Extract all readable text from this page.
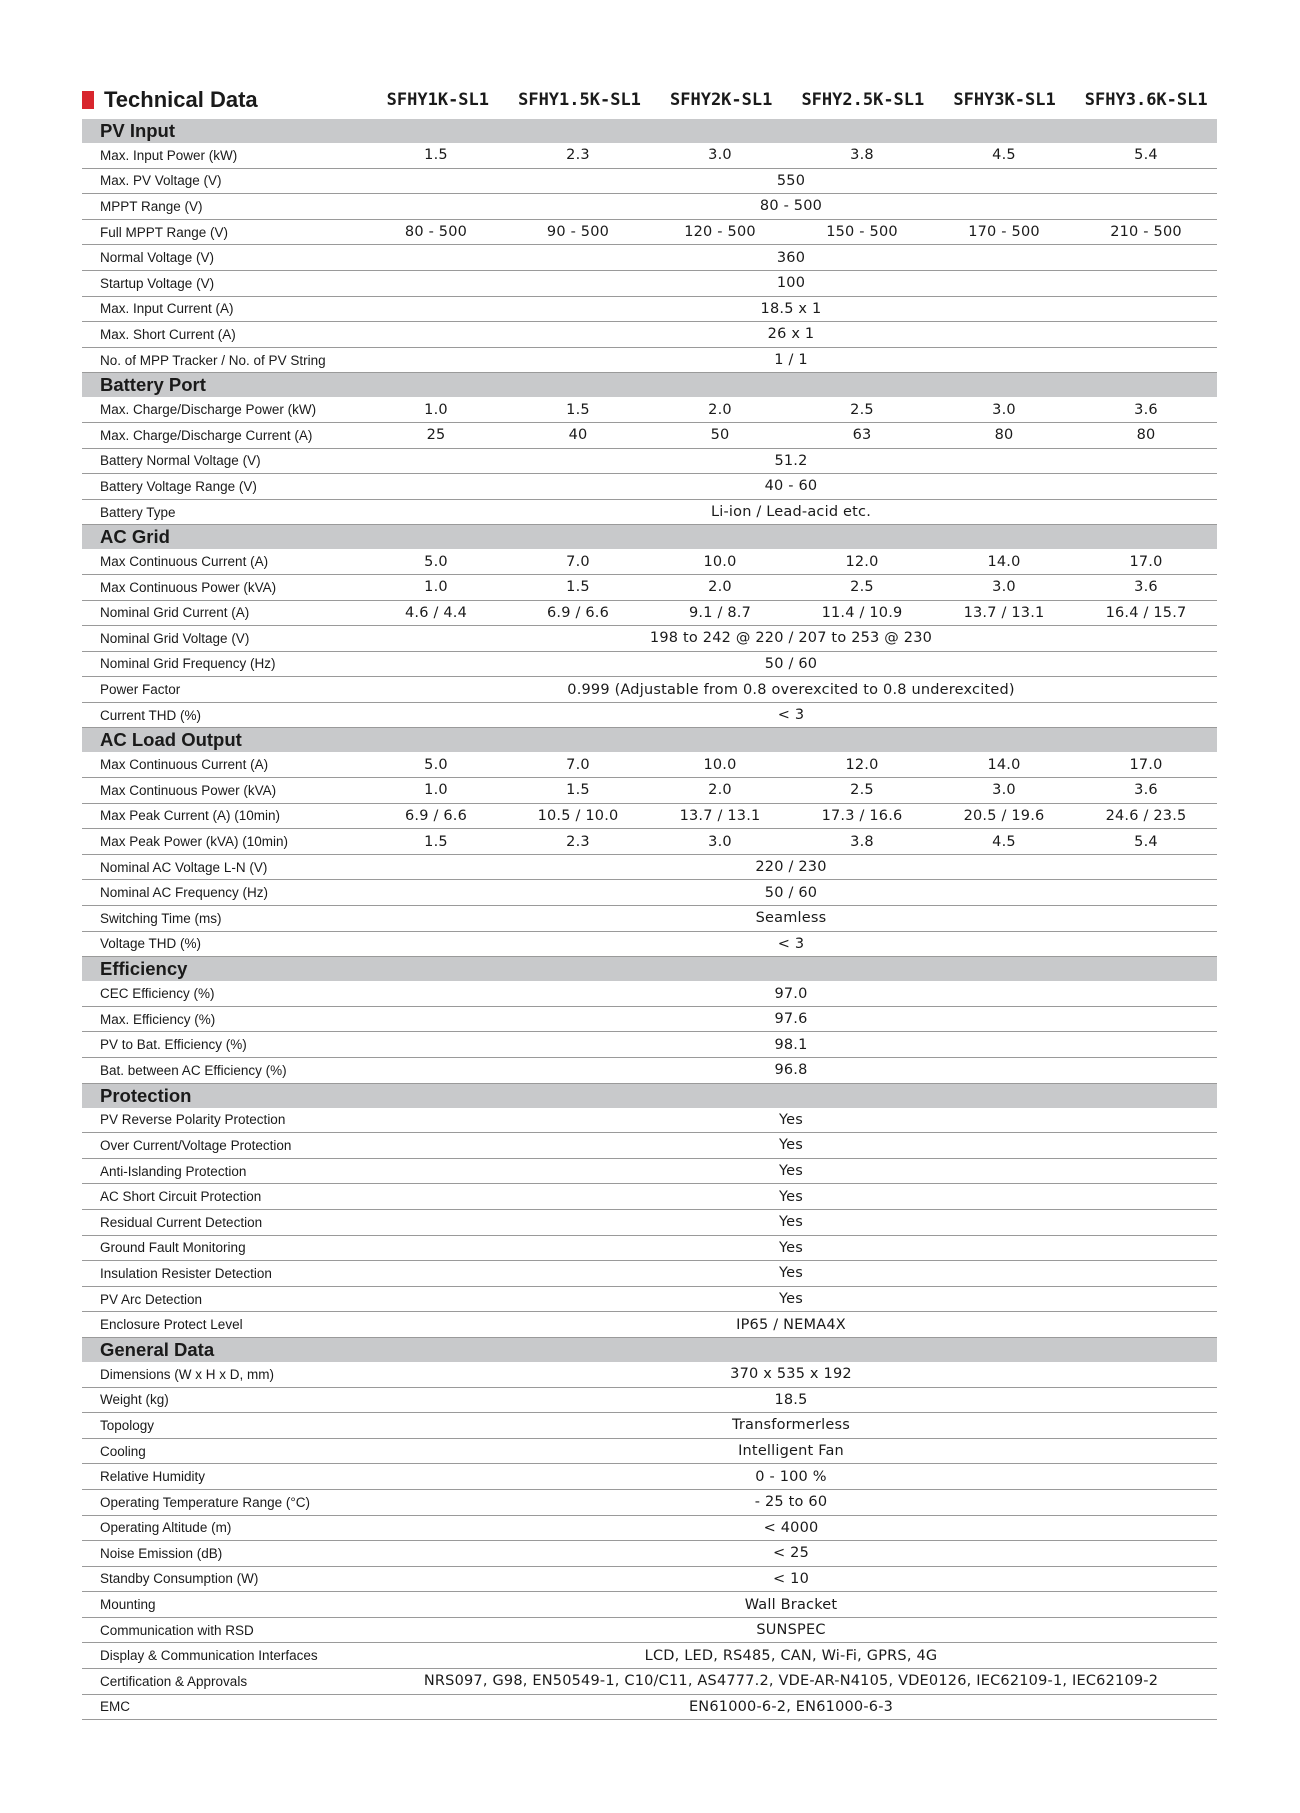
Technical Data	SFHY1K-SL1	SFHY1.5K-SL1	SFHY2K-SL1	SFHY2.5K-SL1	SFHY3K-SL1	SFHY3.6K-SL1
PV Input
Max. Input Power (kW)	1.5	2.3	3.0	3.8	4.5	5.4
Max. PV Voltage (V)	550
MPPT Range (V)	80 - 500
Full MPPT Range (V)	80 - 500	90 - 500	120 - 500	150 - 500	170 - 500	210 - 500
Normal Voltage (V)	360
Startup Voltage (V)	100
Max. Input Current (A)	18.5 x 1
Max. Short Current (A)	26 x 1
No. of MPP Tracker / No. of PV String	1 / 1
Battery Port
Max. Charge/Discharge Power (kW)	1.0	1.5	2.0	2.5	3.0	3.6
Max. Charge/Discharge Current (A)	25	40	50	63	80	80
Battery Normal Voltage (V)	51.2
Battery Voltage Range (V)	40 - 60
Battery Type	Li-ion / Lead-acid etc.
AC Grid
Max Continuous Current (A)	5.0	7.0	10.0	12.0	14.0	17.0
Max Continuous Power (kVA)	1.0	1.5	2.0	2.5	3.0	3.6
Nominal Grid Current (A)	4.6 / 4.4	6.9 / 6.6	9.1 / 8.7	11.4 / 10.9	13.7 / 13.1	16.4 / 15.7
Nominal Grid Voltage (V)	198 to 242 @ 220 / 207 to 253 @ 230
Nominal Grid Frequency (Hz)	50 / 60
Power Factor	0.999 (Adjustable from 0.8 overexcited to 0.8 underexcited)
Current THD (%)	< 3
AC Load Output
Max Continuous Current (A)	5.0	7.0	10.0	12.0	14.0	17.0
Max Continuous Power (kVA)	1.0	1.5	2.0	2.5	3.0	3.6
Max Peak Current (A) (10min)	6.9 / 6.6	10.5 / 10.0	13.7 / 13.1	17.3 / 16.6	20.5 / 19.6	24.6 / 23.5
Max Peak Power (kVA) (10min)	1.5	2.3	3.0	3.8	4.5	5.4
Nominal AC Voltage L-N (V)	220 / 230
Nominal AC Frequency (Hz)	50 / 60
Switching Time (ms)	Seamless
Voltage THD (%)	< 3
Efficiency
CEC Efficiency (%)	97.0
Max. Efficiency (%)	97.6
PV to Bat. Efficiency (%)	98.1
Bat. between AC Efficiency (%)	96.8
Protection
PV Reverse Polarity Protection	Yes
Over Current/Voltage Protection	Yes
Anti-Islanding Protection	Yes
AC Short Circuit Protection	Yes
Residual Current Detection	Yes
Ground Fault Monitoring	Yes
Insulation Resister Detection	Yes
PV Arc Detection	Yes
Enclosure Protect Level	IP65 / NEMA4X
General Data
Dimensions (W x H x D, mm)	370 x 535 x 192
Weight (kg)	18.5
Topology	Transformerless
Cooling	Intelligent Fan
Relative Humidity	0 - 100 %
Operating Temperature Range (°C)	- 25 to 60
Operating Altitude (m)	< 4000
Noise Emission (dB)	< 25
Standby Consumption (W)	< 10
Mounting	Wall Bracket
Communication with RSD	SUNSPEC
Display & Communication Interfaces	LCD, LED, RS485, CAN, Wi-Fi, GPRS, 4G
Certification & Approvals	NRS097, G98, EN50549-1, C10/C11, AS4777.2, VDE-AR-N4105, VDE0126, IEC62109-1, IEC62109-2
EMC	EN61000-6-2, EN61000-6-3
